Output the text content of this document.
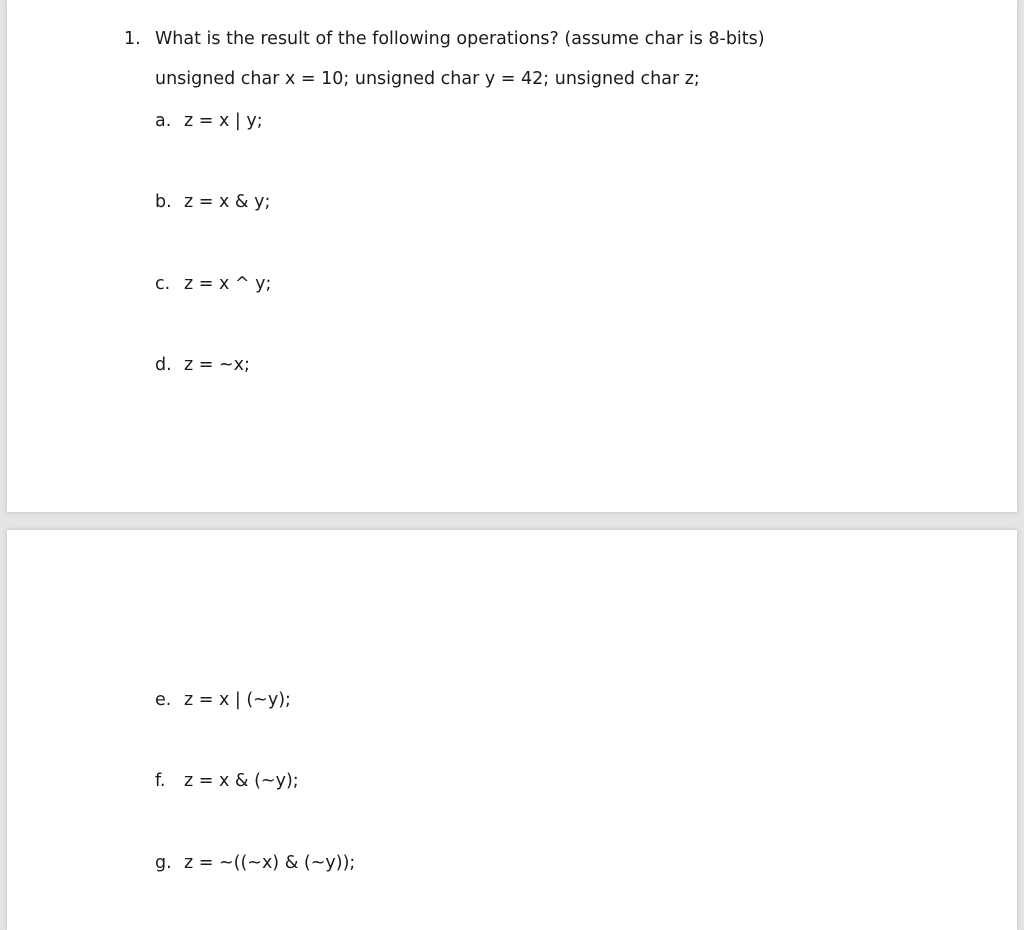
1. What is the result of the following operations? (assume char is 8-bits)
unsigned char x = 10; unsigned char y = 42; unsigned char z;
a. z = x | y;
b. z = x & y;
c. z = x ^ y;
d. z = ~x;
e. z = x | (~y);
f. z = x & (~y);
g. z = ~((~x) & (~y));
